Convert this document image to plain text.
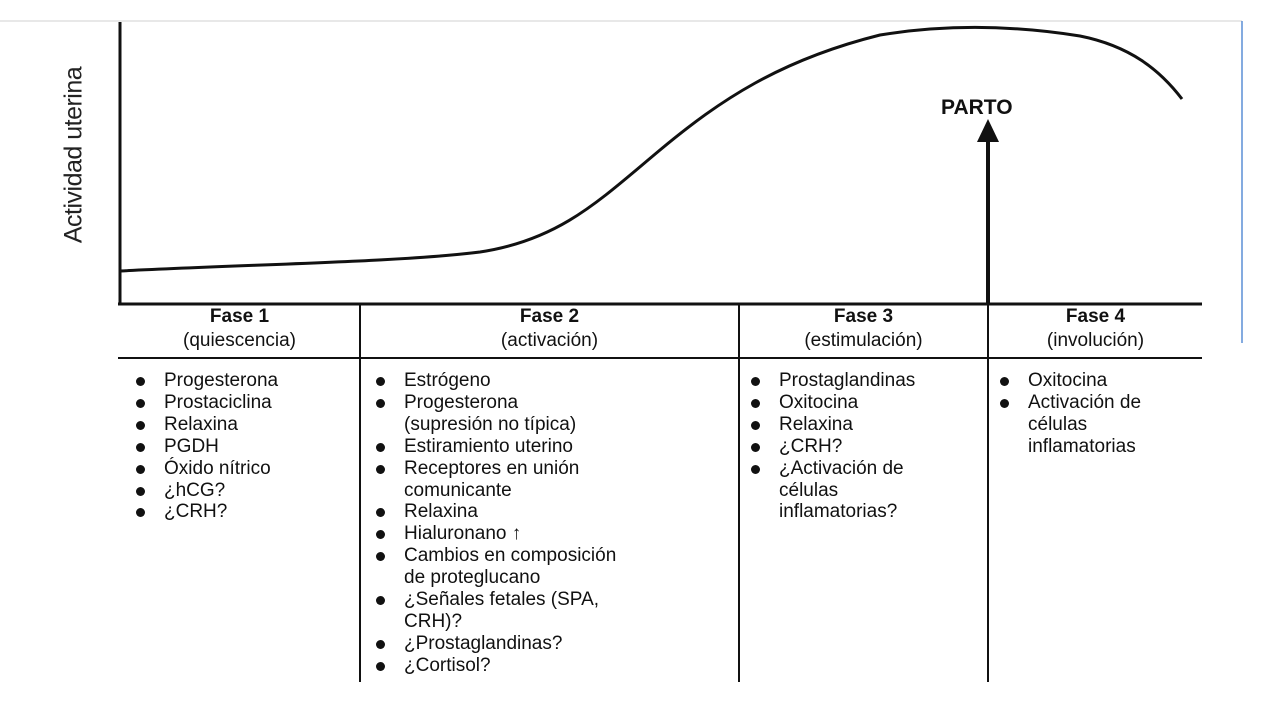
Actividad uterina	PARTO
Fase 1
(quiescencia)
Fase 2
(activación)
Fase 3
(estimulación)
Fase 4
(involución)
Progesterona
Prostaciclina
Relaxina
PGDH
Óxido nítrico
¿hCG?
¿CRH?
Estrógeno
Progesterona
(supresión no típica)
Estiramiento uterino
Receptores en unión
comunicante
Relaxina
Hialuronano ↑
Cambios en composición
de proteglucano
¿Señales fetales (SPA,
CRH)?
¿Prostaglandinas?
¿Cortisol?
Prostaglandinas
Oxitocina
Relaxina
¿CRH?
¿Activación de
células
inflamatorias?
Oxitocina
Activación de
células
inflamatorias
